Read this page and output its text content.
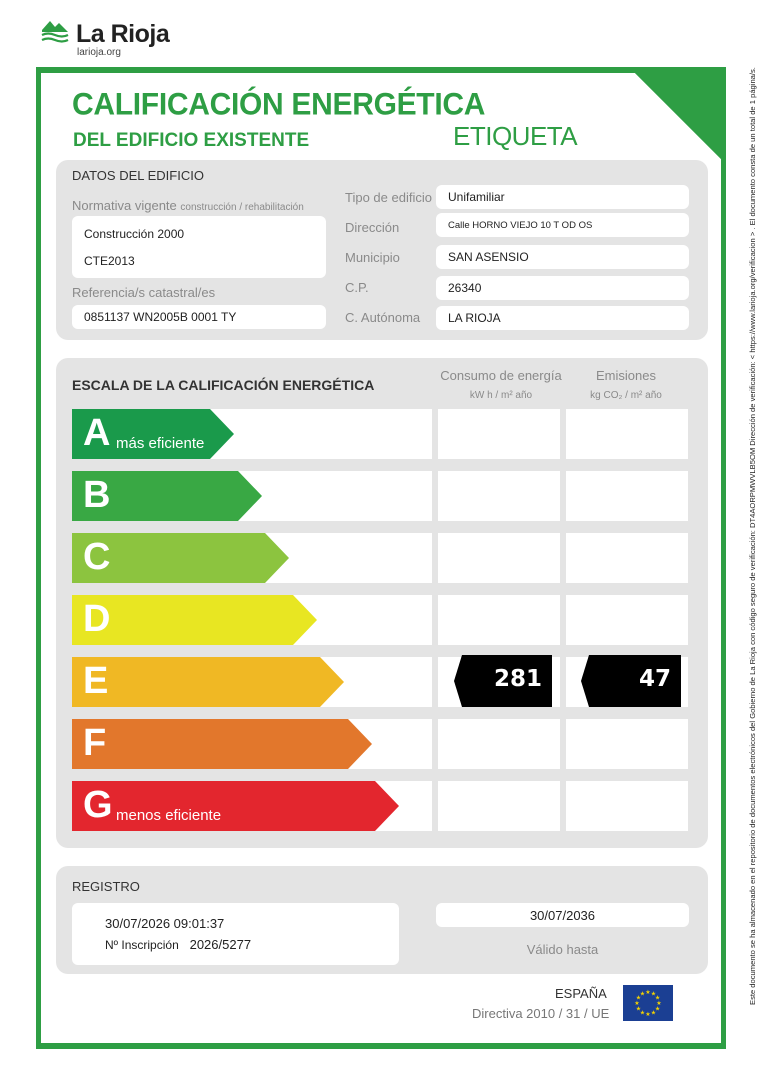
La Rioja
larioja.org
CALIFICACIÓN ENERGÉTICA
DEL EDIFICIO EXISTENTE	ETIQUETA
DATOS DEL EDIFICIO
Normativa vigente construcción / rehabilitación
Construcción 2000
CTE2013
Referencia/s catastral/es
0851137 WN2005B 0001 TY
Tipo de edificio	Unifamiliar
Dirección	Calle HORNO VIEJO 10 T OD OS
Municipio	SAN ASENSIO
C.P.	26340
C. Autónoma	LA RIOJA
ESCALA DE LA CALIFICACIÓN ENERGÉTICA
Consumo de energía
kW h / m² año
Emisiones
kg CO₂ / m² año
A más eficiente
B
C
D
E	281	47
F
G menos eficiente
REGISTRO
30/07/2026 09:01:37
Nº Inscripción 2026/5277
30/07/2036
Válido hasta
ESPAÑA
Directiva 2010 / 31 / UE
★
★
★
★
★
★
★
★
★ ★ ★
★	Este documento se ha almacenado en el repositorio de documentos electrónicos del Gobierno de La Rioja con código seguro de verificación: DT4AORPMWVLB5OM Dirección de verificación: < https://www.larioja.org/verificacion > . El documento consta de un total de 1 página/s.
